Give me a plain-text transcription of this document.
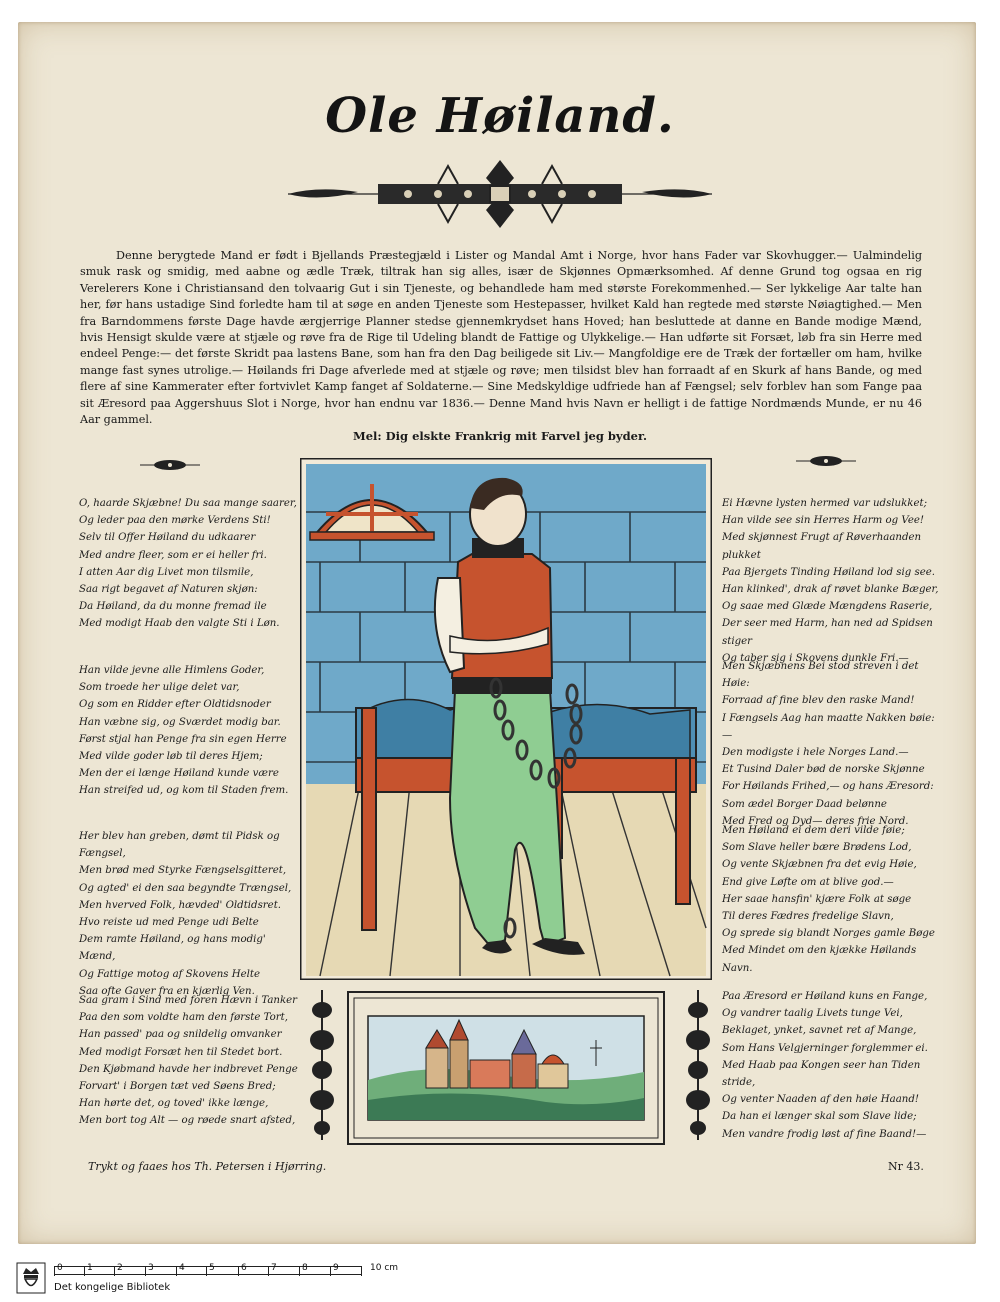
Ole Høiland.
Denne berygtede Mand er født i Bjellands Præstegjæld i Lister og Mandal Amt i Norge, hvor hans Fader var Skovhugger.— Ualmindelig smuk rask og smidig, med aabne og ædle Træk, tiltrak han sig alles, især de Skjønnes Opmærksomhed. Af denne Grund tog ogsaa en rig Verelerers Kone i Christiansand den tolvaarig Gut i sin Tjeneste, og behandlede ham med største Forekommenhed.— Ser lykkelige Aar talte han her, før hans ustadige Sind forledte ham til at søge en anden Tjeneste som Hestepasser, hvilket Kald han regtede med største Nøiagtighed.— Men fra Barndommens første Dage havde ærgjerrige Planner stedse gjennemkrydset hans Hoved; han besluttede at danne en Bande modige Mænd, hvis Hensigt skulde være at stjæle og røve fra de Rige til Udeling blandt de Fattige og Ulykkelige.— Han udførte sit Forsæt, løb fra sin Herre med endeel Penge:— det første Skridt paa lastens Bane, som han fra den Dag beiligede sit Liv.— Mangfoldige ere de Træk der fortæller om ham, hvilke mange fast synes utrolige.— Høilands fri Dage afverlede med at stjæle og røve; men tilsidst blev han forraadt af en Skurk af hans Bande, og med flere af sine Kammerater efter fortvivlet Kamp fanget af Soldaterne.— Sine Medskyldige udfriede han af Fængsel; selv forblev han som Fange paa sit Æresord paa Aggershuus Slot i Norge, hvor han endnu var 1836.— Denne Mand hvis Navn er helligt i de fattige Nordmænds Munde, er nu 46 Aar gammel.
Mel: Dig elskte Frankrig mit Farvel jeg byder.
O, haarde Skjæbne! Du saa mange saarer,
Og leder paa den mørke Verdens Sti!
Selv til Offer Høiland du udkaarer
Med andre fleer, som er ei heller fri.
I atten Aar dig Livet mon tilsmile,
Saa rigt begavet af Naturen skjøn:
Da Høiland, da du monne fremad ile
Med modigt Haab den valgte Sti i Løn.
Han vilde jevne alle Himlens Goder,
Som troede her ulige delet var,
Og som en Ridder efter Oldtidsnoder
Han væbne sig, og Sværdet modig bar.
Først stjal han Penge fra sin egen Herre
Med vilde goder løb til deres Hjem;
Men der ei længe Høiland kunde være
Han streifed ud, og kom til Staden frem.
Her blev han greben, dømt til Pidsk og Fængsel,
Men brød med Styrke Fængselsgitteret,
Og agted' ei den saa begyndte Trængsel,
Men hverved Folk, hævded' Oldtidsret.
Hvo reiste ud med Penge udi Belte
Dem ramte Høiland, og hans modig' Mænd,
Og Fattige motog af Skovens Helte
Saa ofte Gaver fra en kjærlig Ven.
Saa gram i Sind med foren Hævn i Tanker
Paa den som voldte ham den første Tort,
Han passed' paa og snildelig omvanker
Med modigt Forsæt hen til Stedet bort.
Den Kjøbmand havde her indbrevet Penge
Forvart' i Borgen tæt ved Søens Bred;
Han hørte det, og toved' ikke længe,
Men bort tog Alt — og røede snart afsted,
Ei Hævne lysten hermed var udslukket;
Han vilde see sin Herres Harm og Vee!
Med skjønnest Frugt af Røverhaanden plukket
Paa Bjergets Tinding Høiland lod sig see.
Han klinked', drak af røvet blanke Bæger,
Og saae med Glæde Mængdens Raserie,
Der seer med Harm, han ned ad Spidsen stiger
Og taber sig i Skovens dunkle Fri.—
Men Skjæbnens Bei stod streven i det Høie:
Forraad af fine blev den raske Mand!
I Fængsels Aag han maatte Nakken bøie:—
Den modigste i hele Norges Land.—
Et Tusind Daler bød de norske Skjønne
For Høilands Frihed,— og hans Æresord:
Som ædel Borger Daad belønne
Med Fred og Dyd— deres frie Nord.
Men Høiland ei dem deri vilde føie;
Som Slave heller bære Brødens Lod,
Og vente Skjæbnen fra det evig Høie,
End give Løfte om at blive god.—
Her saae hansfin' kjære Folk at søge
Til deres Fædres fredelige Slavn,
Og sprede sig blandt Norges gamle Bøge
Med Mindet om den kjække Høilands Navn.
Paa Æresord er Høiland kuns en Fange,
Og vandrer taalig Livets tunge Vei,
Beklaget, ynket, savnet ret af Mange,
Som Hans Velgjerninger forglemmer ei.
Med Haab paa Kongen seer han Tiden stride,
Og venter Naaden af den høie Haand!
Da han ei længer skal som Slave lide;
Men vandre frodig løst af fine Baand!—
Trykt og faaes hos Th. Petersen i Hjørring.	Nr 43.
0	1	2	3	4	5	6	7	8	9	10 cm
Det kongelige Bibliotek
